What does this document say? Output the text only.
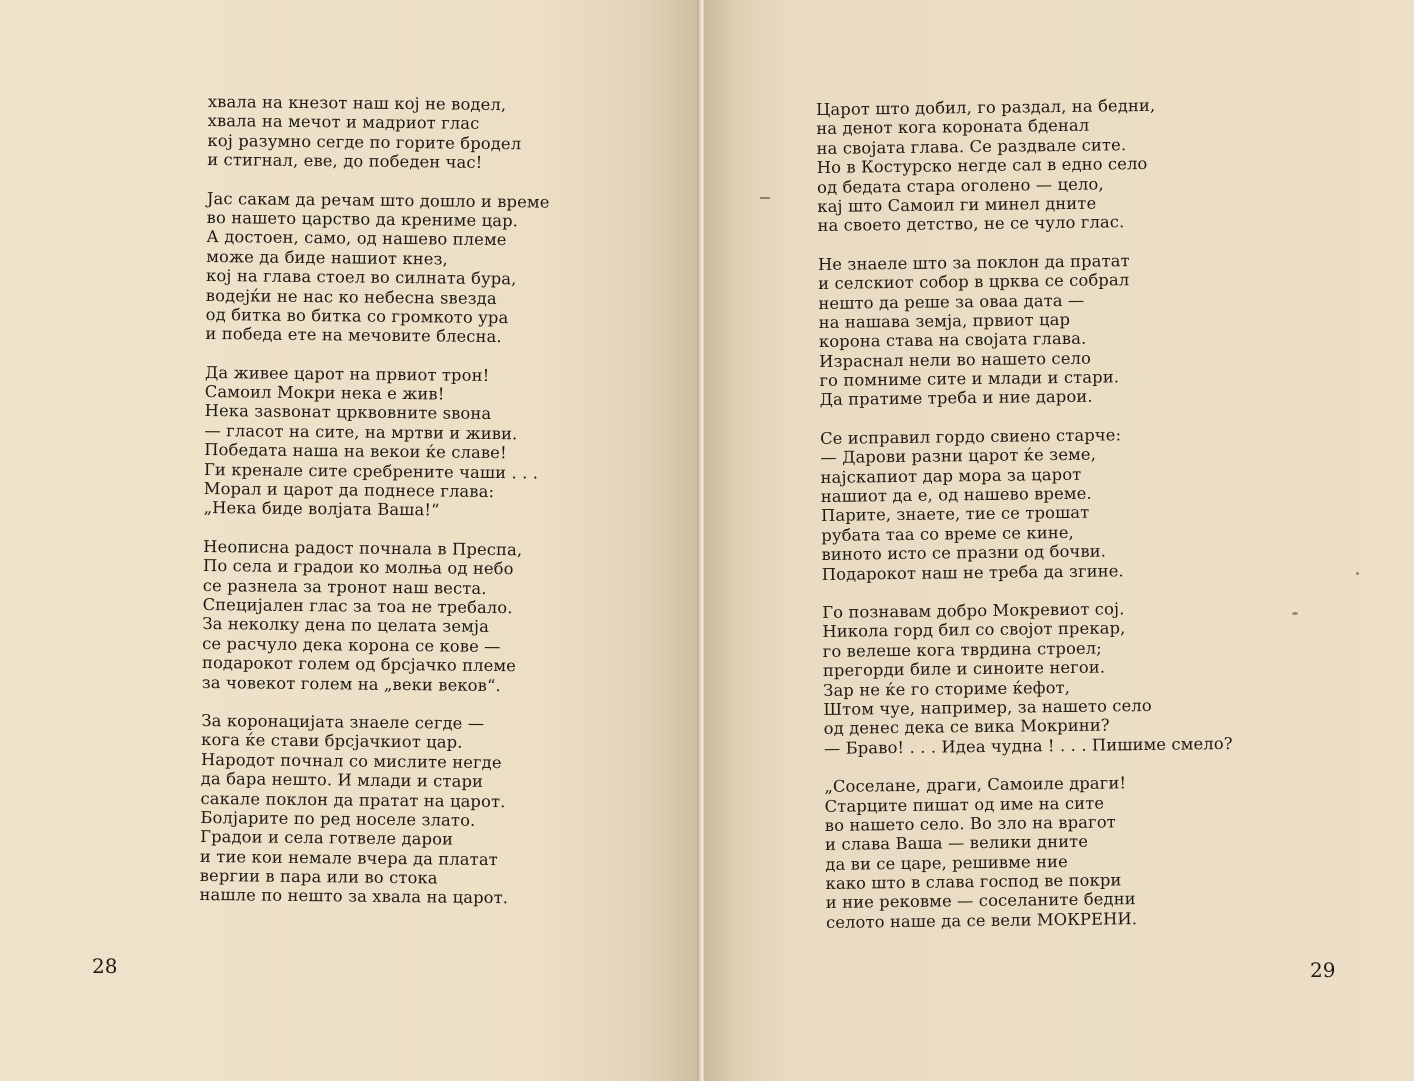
хвала на кнезот наш кој не водел,
хвала на мечот и мадриот глас
кој разумно сегде по горите бродел
и стигнал, еве, до победен час!
Јас сакам да речам што дошло и време
во нашето царство да крениме цар.
А достоен, само, од нашево племе
може да биде нашиот кнез,
кој на глава стоел во силната бура,
водејќи не нас ко небесна ѕвезда
од битка во битка со громкото ура
и победа ете на мечовите блесна.
Да живее царот на првиот трон!
Самоил Мокри нека е жив!
Нека заѕвонат црквовните ѕвона
— гласот на сите, на мртви и живи.
Победата наша на векои ќе славе!
Ги кренале сите сребрените чаши . . .
Морал и царот да поднесе глава:
„Нека биде волјата Ваша!“
Неописна радост почнала в Преспа,
По села и градои ко молња од небо
се разнела за тронот наш веста.
Специјален глас за тоа не требало.
За неколку дена по целата земја
се расчуло дека корона се кове —
подарокот голем од брсјачко племе
за човекот голем на „веки веков“.
За коронацијата знаеле сегде —
кога ќе стави брсјачкиот цар.
Народот почнал со мислите негде
да бара нешто. И млади и стари
сакале поклон да пратат на царот.
Болјарите по ред носеле злато.
Градои и села готвеле дарои
и тие кои немале вчера да платат
вергии в пара или во стока
нашле по нешто за хвала на царот.
28
Царот што добил, го раздал, на бедни,
на денот кога короната бденал
на својата глава. Се раздвале сите.
Но в Костурско негде сал в едно село
од бедата стара оголено — цело,
кај што Самоил ги минел дните
на своето детство, не се чуло глас.
Не знаеле што за поклон да пратат
и селскиот собор в црква се собрал
нешто да реше за оваа дата —
на нашава земја, првиот цар
корона става на својата глава.
Израснал нели во нашето село
го помниме сите и млади и стари.
Да пратиме треба и ние дарои.
Се исправил гордо свиено старче:
— Дарови разни царот ќе земе,
најскапиот дар мора за царот
нашиот да е, од нашево време.
Парите, знаете, тие се трошат
рубата таа со време се кине,
виното исто се празни од бочви.
Подарокот наш не треба да згине.
Го познавам добро Мокревиот сој.
Никола горд бил со својот прекар,
го велеше кога тврдина строел;
прегорди биле и синоите негои.
Зар не ќе го сториме ќефот,
Штом чуе, например, за нашето село
од денес дека се вика Мокрини?
— Браво! . . . Идеа чудна ! . . . Пишиме смело?
„Соселане, драги, Самоиле драги!
Старците пишат од име на сите
во нашето село. Во зло на врагот
и слава Ваша — велики дните
да ви се царе, решивме ние
како што в слава господ ве покри
и ние рековме — соселаните бедни
селото наше да се вели МОКРЕНИ.
29
